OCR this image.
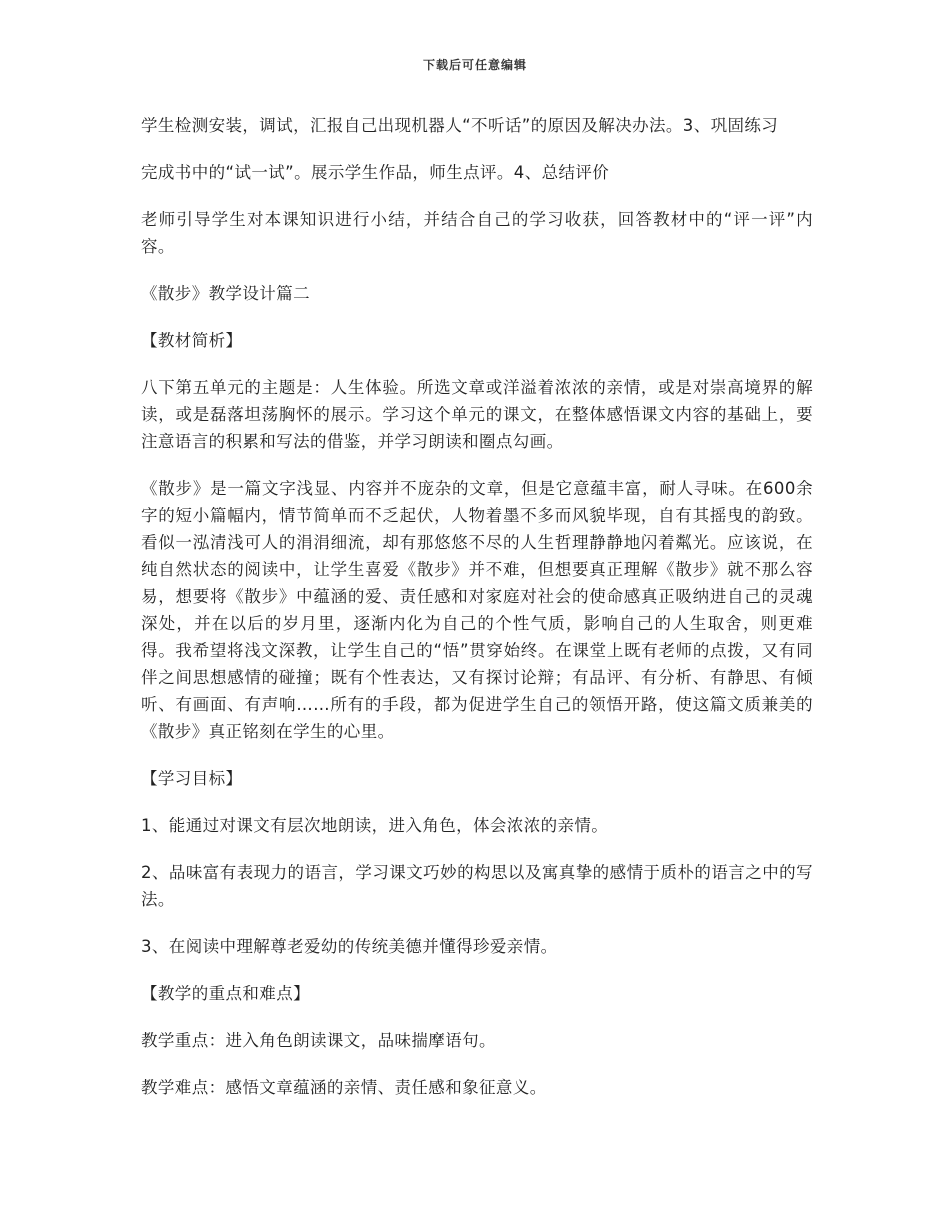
下载后可任意编辑

学生检测安装，调试，汇报自己出现机器人“不听话”的原因及解决办法。3、巩固练习

完成书中的“试一试”。展示学生作品，师生点评。4、总结评价

老师引导学生对本课知识进行小结，并结合自己的学习收获，回答教材中的“评一评”内容。

《散步》教学设计篇二

【教材简析】

八下第五单元的主题是：人生体验。所选文章或洋溢着浓浓的亲情，或是对崇高境界的解读，或是磊落坦荡胸怀的展示。学习这个单元的课文，在整体感悟课文内容的基础上，要注意语言的积累和写法的借鉴，并学习朗读和圈点勾画。

《散步》是一篇文字浅显、内容并不庞杂的文章，但是它意蕴丰富，耐人寻味。在600余字的短小篇幅内，情节简单而不乏起伏，人物着墨不多而风貌毕现，自有其摇曳的韵致。看似一泓清浅可人的涓涓细流，却有那悠悠不尽的人生哲理静静地闪着粼光。应该说，在纯自然状态的阅读中，让学生喜爱《散步》并不难，但想要真正理解《散步》就不那么容易，想要将《散步》中蕴涵的爱、责任感和对家庭对社会的使命感真正吸纳进自己的灵魂深处，并在以后的岁月里，逐渐内化为自己的个性气质，影响自己的人生取舍，则更难得。我希望将浅文深教，让学生自己的“悟”贯穿始终。在课堂上既有老师的点拨，又有同伴之间思想感情的碰撞；既有个性表达，又有探讨论辩；有品评、有分析、有静思、有倾听、有画面、有声响……所有的手段，都为促进学生自己的领悟开路，使这篇文质兼美的《散步》真正铭刻在学生的心里。

【学习目标】

1、能通过对课文有层次地朗读，进入角色，体会浓浓的亲情。

2、品味富有表现力的语言，学习课文巧妙的构思以及寓真挚的感情于质朴的语言之中的写法。

3、在阅读中理解尊老爱幼的传统美德并懂得珍爱亲情。

【教学的重点和难点】

教学重点：进入角色朗读课文，品味揣摩语句。

教学难点：感悟文章蕴涵的亲情、责任感和象征意义。
